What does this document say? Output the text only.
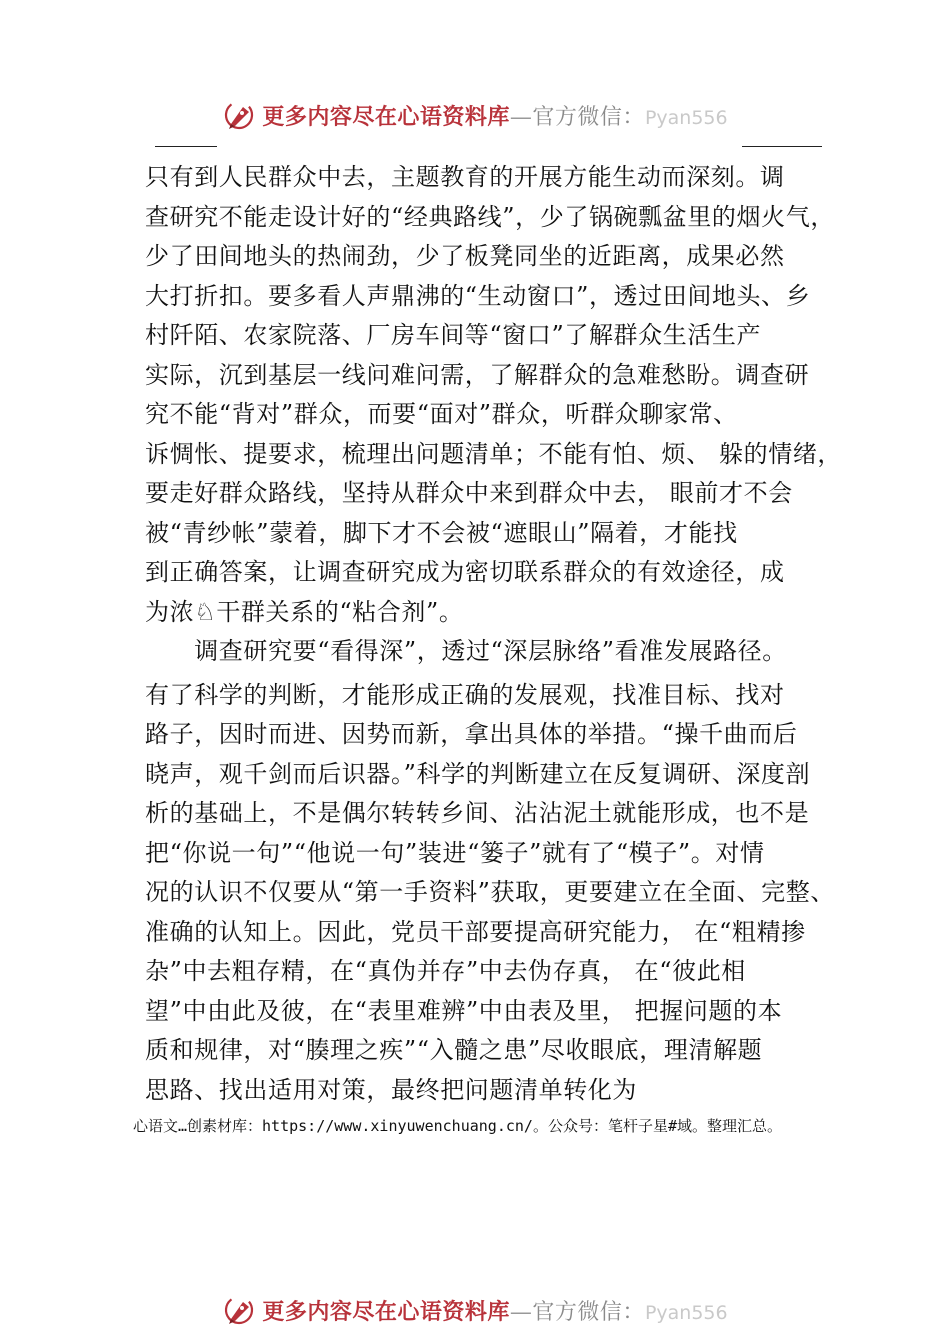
更多内容尽在心语资料库—官方微信：Pyan556
只有到人民群众中去，主题教育的开展方能生动而深刻。调
查研究不能走设计好的“经典路线”，少了锅碗瓢盆里的烟火气，
少了田间地头的热闹劲，少了板凳同坐的近距离，成果必然
大打折扣。要多看人声鼎沸的“生动窗口”，透过田间地头、乡
村阡陌、农家院落、厂房车间等“窗口”了解群众生活生产
实际，沉到基层一线问难问需，了解群众的急难愁盼。调查研
究不能“背对”群众，而要“面对”群众，听群众聊家常、
诉惆怅、提要求，梳理出问题清单；不能有怕、烦、 躲的情绪，
要走好群众路线，坚持从群众中来到群众中去， 眼前才不会
被“青纱帐”蒙着，脚下才不会被“遮眼山”隔着，才能找
到正确答案，让调查研究成为密切联系群众的有效途径，成
为浓♘干群关系的“粘合剂”。
　　调查研究要“看得深”，透过“深层脉络”看准发展路径。
有了科学的判断，才能形成正确的发展观，找准目标、找对
路子，因时而进、因势而新，拿出具体的举措。“操千曲而后
晓声，观千剑而后识器。”科学的判断建立在反复调研、深度剖
析的基础上，不是偶尔转转乡间、沾沾泥土就能形成，也不是
把“你说一句”“他说一句”装进“篓子”就有了“模子”。对情
况的认识不仅要从“第一手资料”获取，更要建立在全面、完整、
准确的认知上。因此，党员干部要提高研究能力， 在“粗精掺
杂”中去粗存精，在“真伪并存”中去伪存真， 在“彼此相
望”中由此及彼，在“表里难辨”中由表及里， 把握问题的本
质和规律，对“腠理之疾”“入髓之患”尽收眼底，理清解题
思路、找出适用对策，最终把问题清单转化为
心语文…创素材库：https://www.xinyuwenchuang.cn/。公众号：笔杆子星#域。整理汇总。
更多内容尽在心语资料库—官方微信：Pyan556
